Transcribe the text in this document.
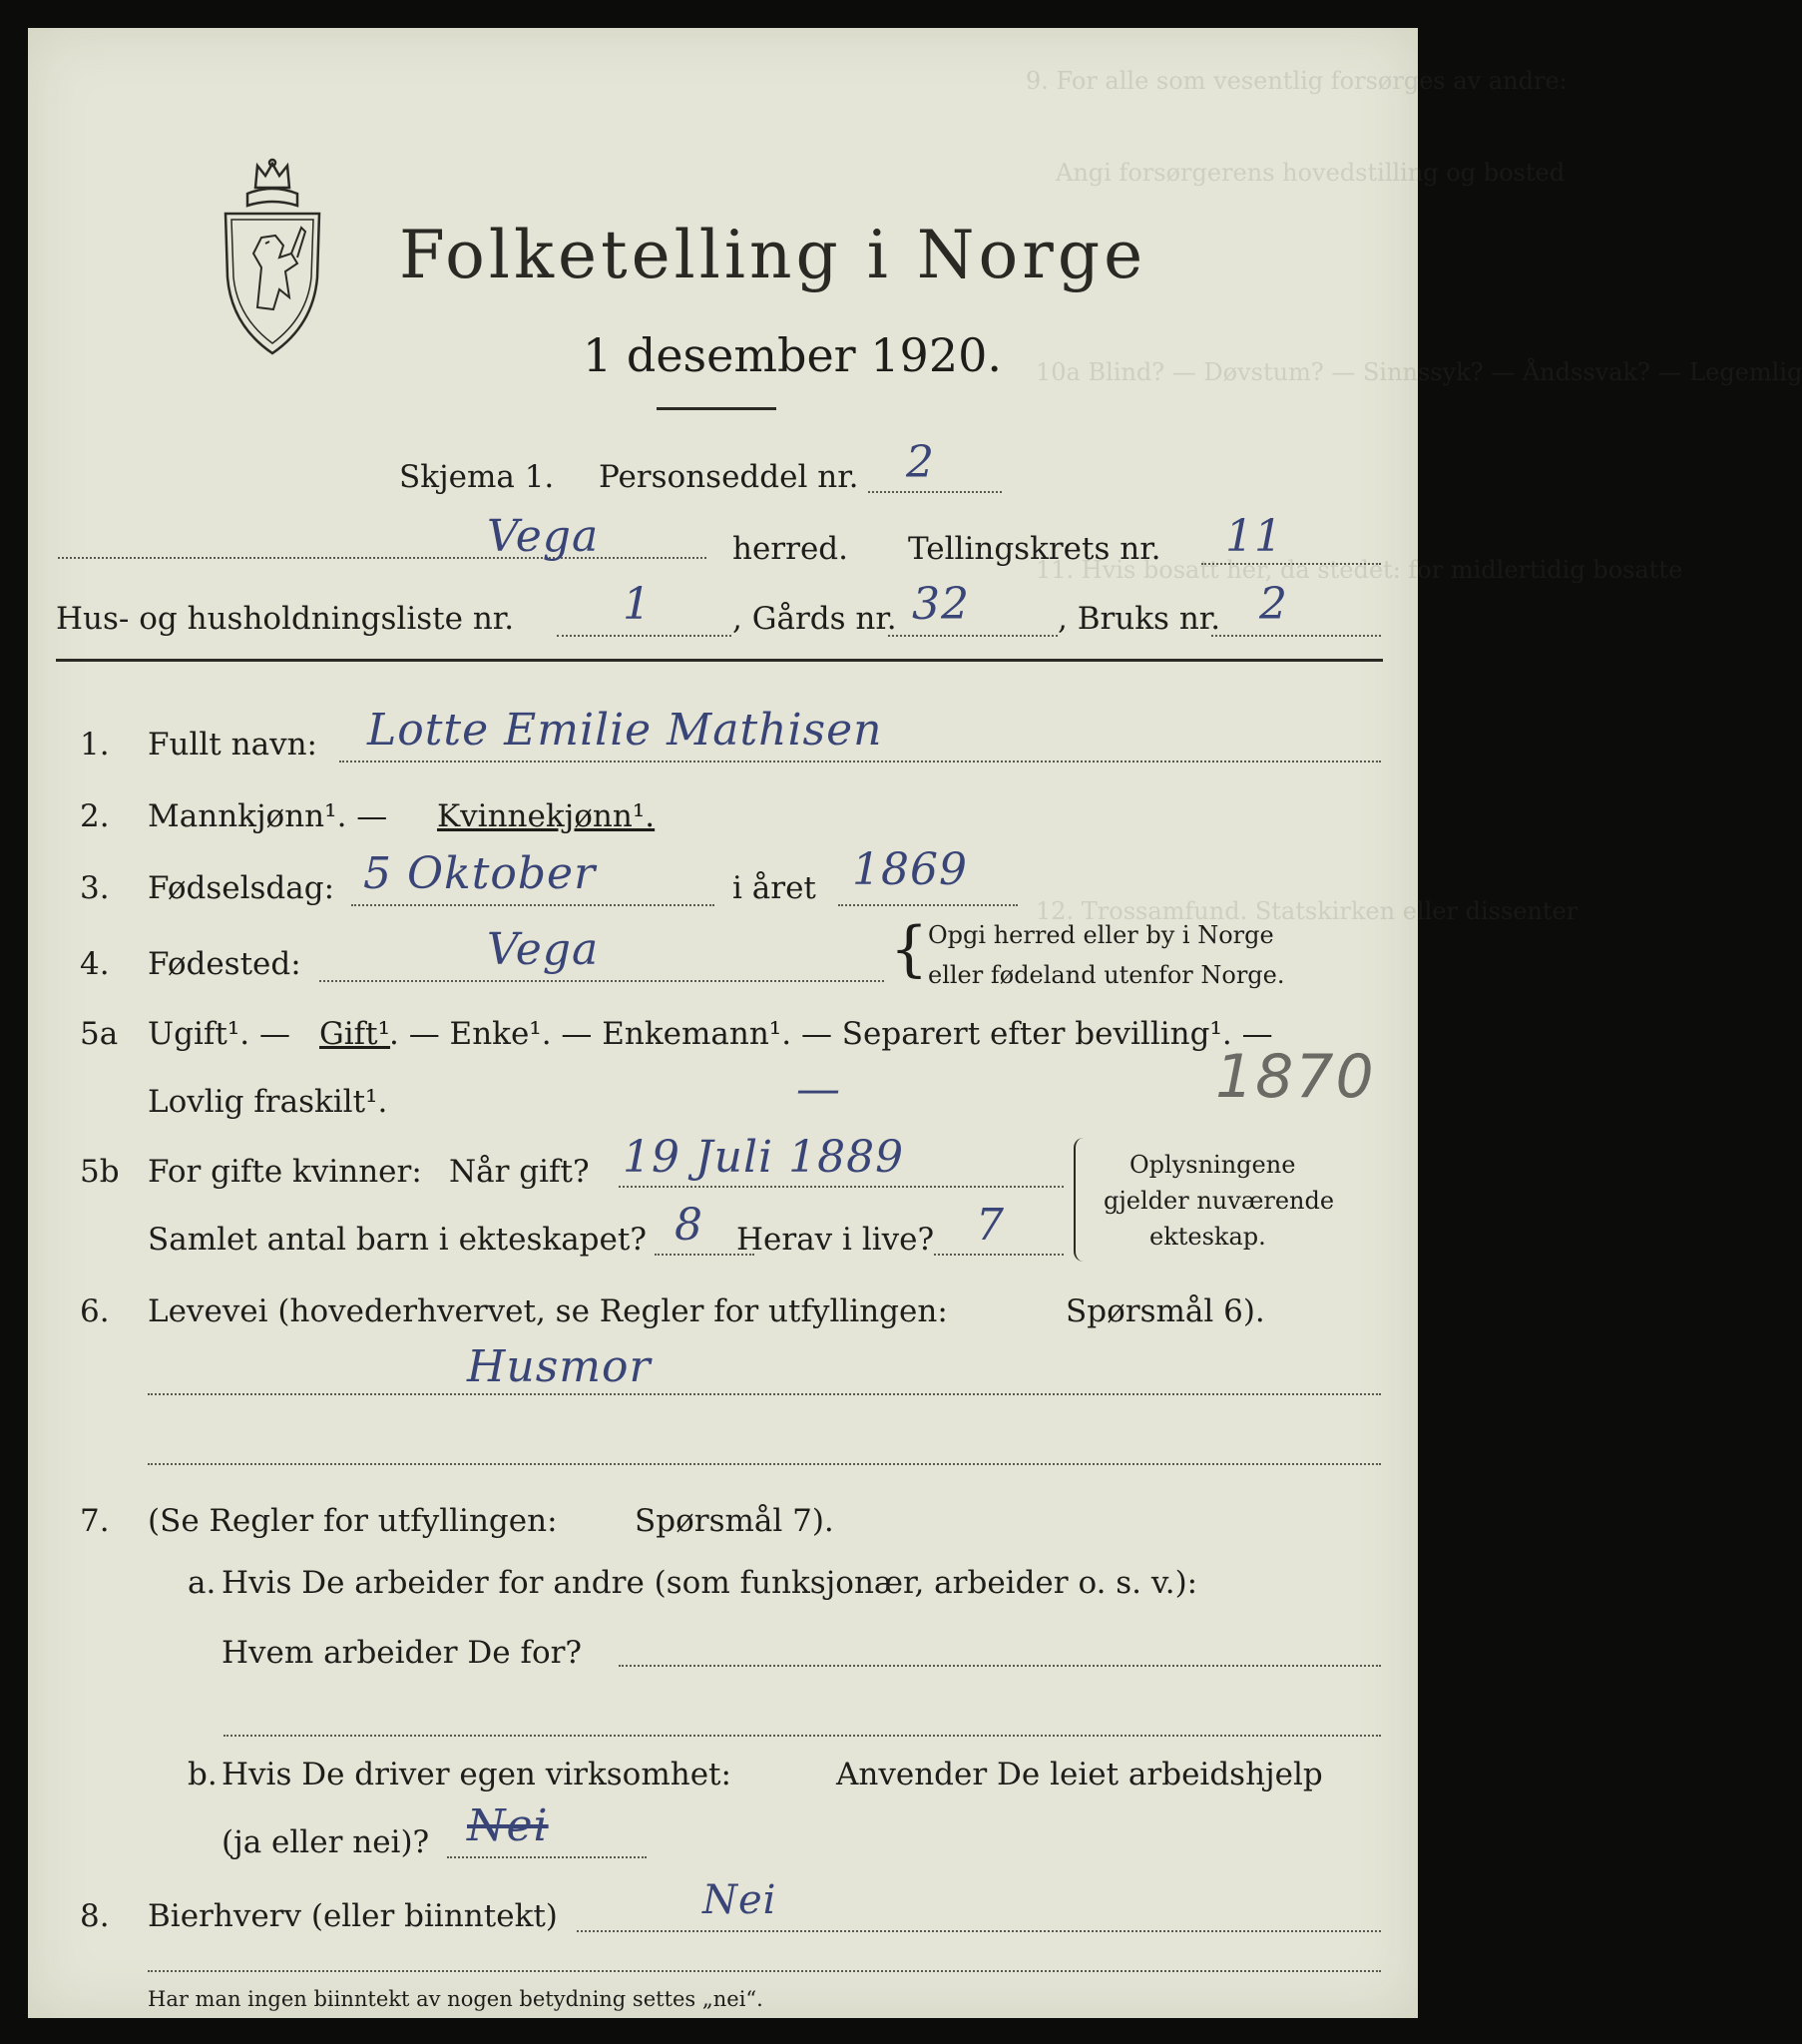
9. For alle som vesentlig forsørges av andre:
Angi forsørgerens hovedstilling og bosted
10a Blind? — Døvstum? — Sinnssyk? — Åndssvak? — Legemlig
11. Hvis bosatt her, da stedet: for midlertidig bosatte
12. Trossamfund. Statskirken eller dissenter
Folketelling i Norge
1 desember 1920.
Skjema 1. Personseddel nr. 2
Vega	herred. Tellingskrets nr. 11
Hus- og husholdningsliste nr. 1	, Gårds nr. 32	, Bruks nr. 2
1. Fullt navn: Lotte Emilie Mathisen
2. Mannkjønn¹. — Kvinnekjønn¹.
3. Fødselsdag: 5 Oktober	i året 1869
4. Fødested:	Vega	{ Opgi herred eller by i Norge
eller fødeland utenfor Norge.
5a Ugift¹. — Gift¹
. — Enke¹. — Enkemann¹. — Separert efter bevilling¹. —
Lovlig fraskilt¹.	—	1870
5b For gifte kvinner: Når gift? 19 Juli 1889
Samlet antal barn i ekteskapet? 8 Herav i live? 7
Oplysningene
gjelder nuværende
ekteskap.
6. Levevei (hovederhvervet, se Regler for utfyllingen:	Spørsmål 6).
Husmor
7. (Se Regler for utfyllingen: Spørsmål 7).
a. Hvis De arbeider for andre (som funksjonær, arbeider o. s. v.):
Hvem arbeider De for?
b. Hvis De driver egen virksomhet:	Anvender De leiet arbeidshjelp
(ja eller nei)? Nei
8. Bierhverv (eller biinntekt)	Nei
Har man ingen biinntekt av nogen betydning settes „nei“.
